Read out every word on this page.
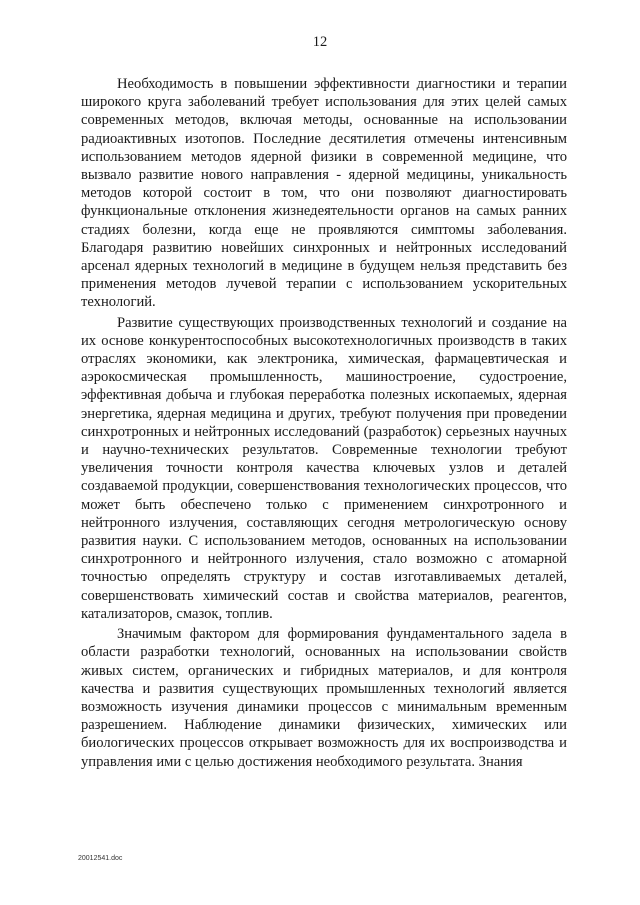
12

Необходимость в повышении эффективности диагностики и терапии широкого круга заболеваний требует использования для этих целей самых современных методов, включая методы, основанные на использовании радиоактивных изотопов. Последние десятилетия отмечены интенсивным использованием методов ядерной физики в современной медицине, что вызвало развитие нового направления - ядерной медицины, уникальность методов которой состоит в том, что они позволяют диагностировать функциональные отклонения жизнедеятельности органов на самых ранних стадиях болезни, когда еще не проявляются симптомы заболевания. Благодаря развитию новейших синхронных и нейтронных исследований арсенал ядерных технологий в медицине в будущем нельзя представить без применения методов лучевой терапии с использованием ускорительных технологий.

Развитие существующих производственных технологий и создание на их основе конкурентоспособных высокотехнологичных производств в таких отраслях экономики, как электроника, химическая, фармацевтическая и аэрокосмическая промышленность, машиностроение, судостроение, эффективная добыча и глубокая переработка полезных ископаемых, ядерная энергетика, ядерная медицина и других, требуют получения при проведении синхротронных и нейтронных исследований (разработок) серьезных научных и научно-технических результатов. Современные технологии требуют увеличения точности контроля качества ключевых узлов и деталей создаваемой продукции, совершенствования технологических процессов, что может быть обеспечено только с применением синхротронного и нейтронного излучения, составляющих сегодня метрологическую основу развития науки. С использованием методов, основанных на использовании синхротронного и нейтронного излучения, стало возможно с атомарной точностью определять структуру и состав изготавливаемых деталей, совершенствовать химический состав и свойства материалов, реагентов, катализаторов, смазок, топлив.

Значимым фактором для формирования фундаментального задела в области разработки технологий, основанных на использовании свойств живых систем, органических и гибридных материалов, и для контроля качества и развития существующих промышленных технологий является возможность изучения динамики процессов с минимальным временным разрешением. Наблюдение динамики физических, химических или биологических процессов открывает возможность для их воспроизводства и управления ими с целью достижения необходимого результата. Знания

20012541.doc
